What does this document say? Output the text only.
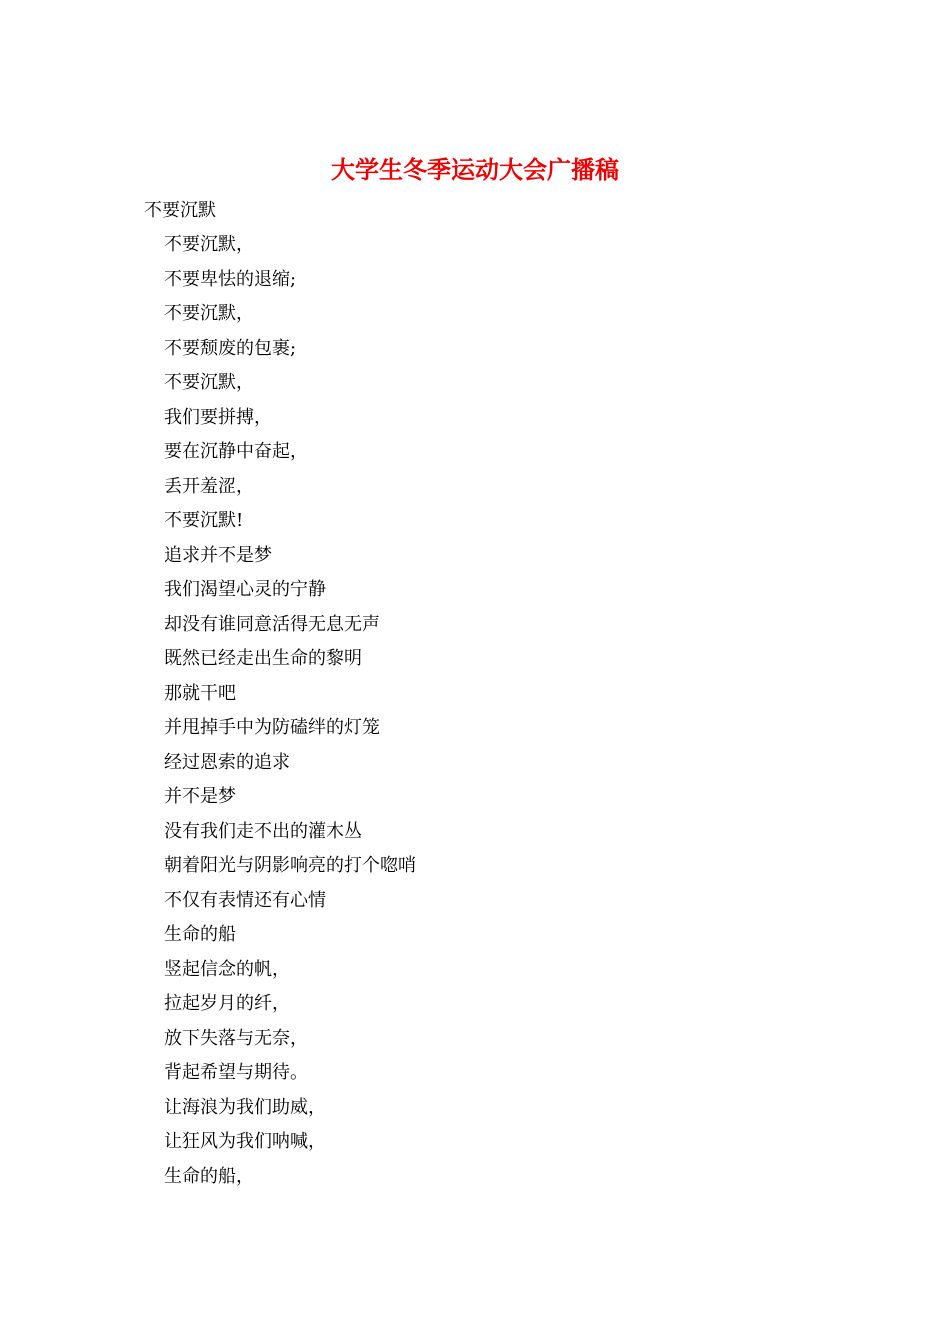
大学生冬季运动大会广播稿
不要沉默
不要沉默，
不要卑怯的退缩;
不要沉默，
不要颓废的包裹;
不要沉默，
我们要拼搏，
要在沉静中奋起，
丢开羞涩，
不要沉默!
追求并不是梦
我们渴望心灵的宁静
却没有谁同意活得无息无声
既然已经走出生命的黎明
那就干吧
并甩掉手中为防磕绊的灯笼
经过恩索的追求
并不是梦
没有我们走不出的灌木丛
朝着阳光与阴影响亮的打个唿哨
不仅有表情还有心情
生命的船
竖起信念的帆，
拉起岁月的纤，
放下失落与无奈，
背起希望与期待。
让海浪为我们助威，
让狂风为我们呐喊，
生命的船，
